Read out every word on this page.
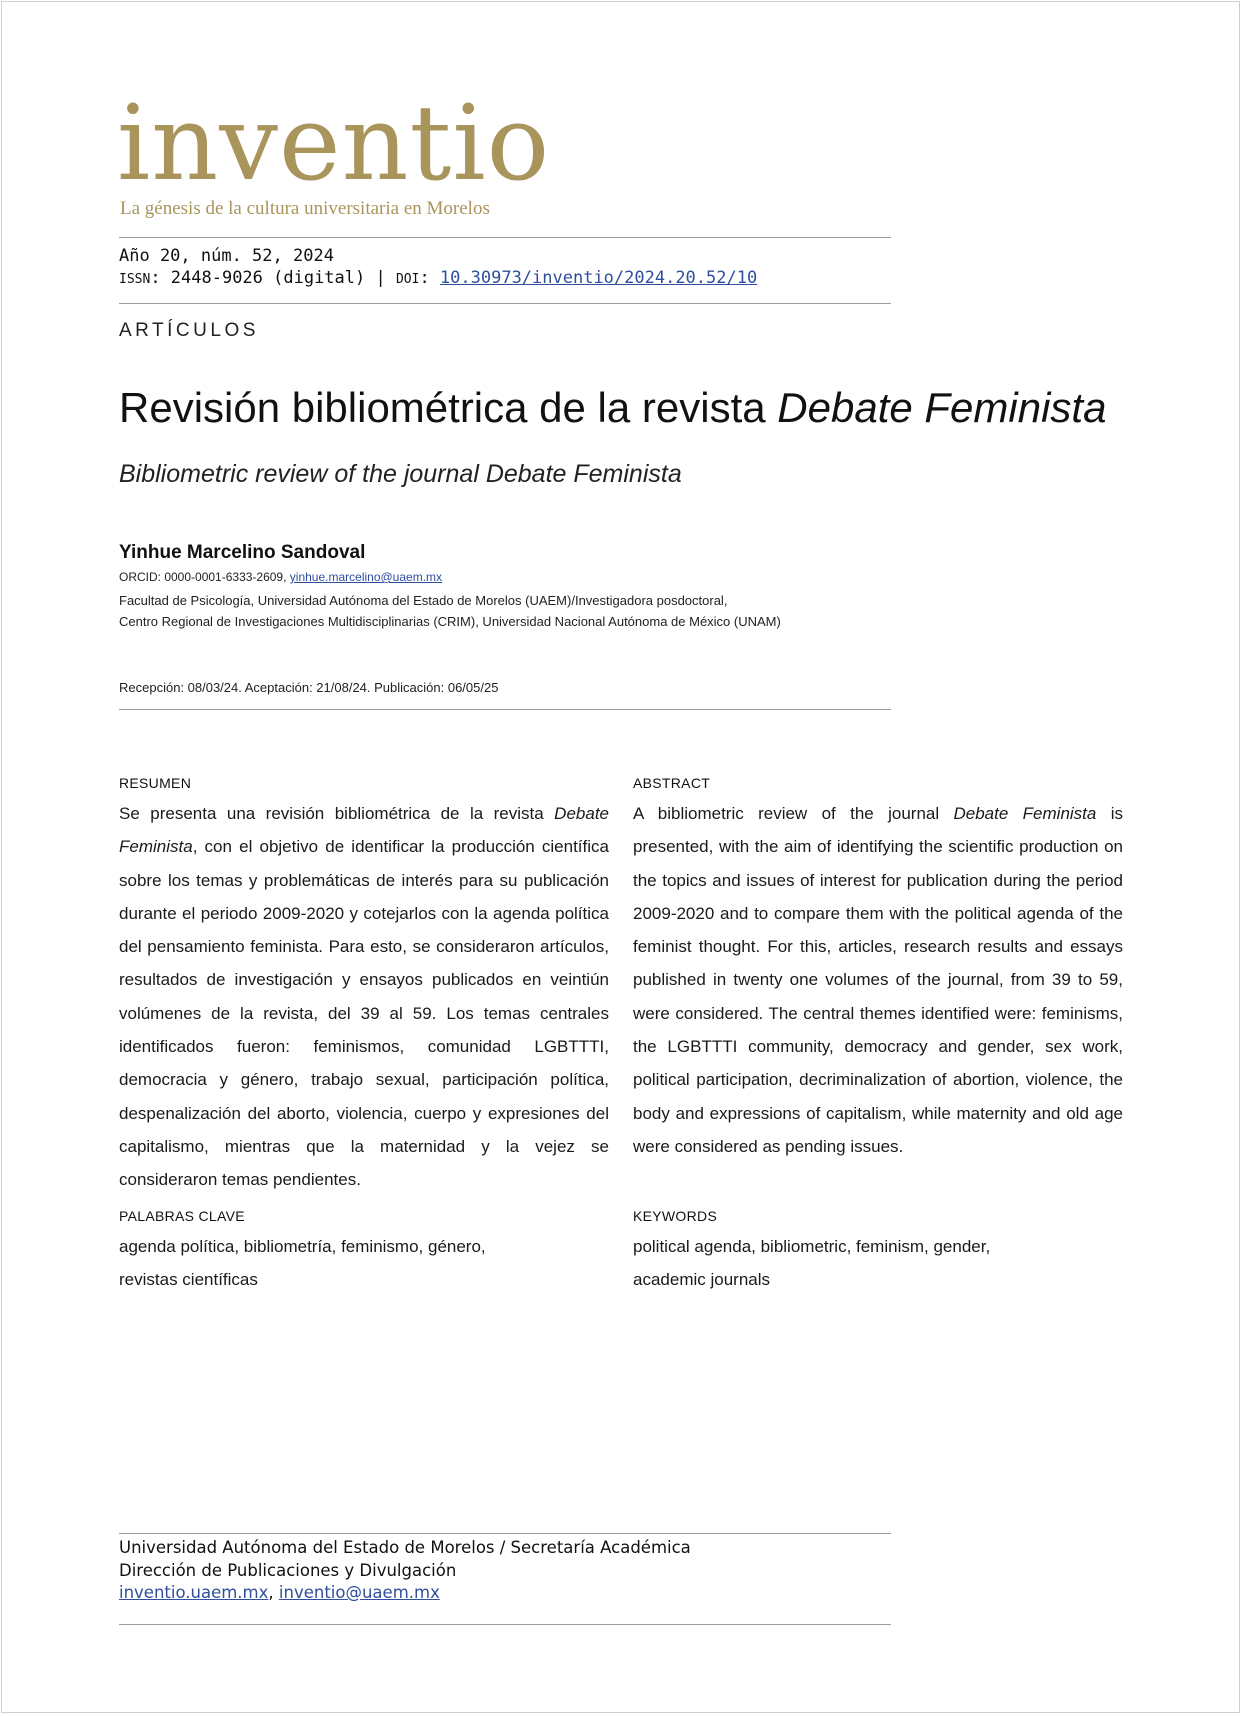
inventio
La génesis de la cultura universitaria en Morelos
Año 20, núm. 52, 2024
ISSN: 2448-9026 (digital) | DOI: 10.30973/inventio/2024.20.52/10
ARTÍCULOS
Revisión bibliométrica de la revista Debate Feminista
Bibliometric review of the journal Debate Feminista
Yinhue Marcelino Sandoval
ORCID: 0000-0001-6333-2609, yinhue.marcelino@uaem.mx
Facultad de Psicología, Universidad Autónoma del Estado de Morelos (UAEM)/Investigadora posdoctoral,
Centro Regional de Investigaciones Multidisciplinarias (CRIM), Universidad Nacional Autónoma de México (UNAM)
Recepción: 08/03/24. Aceptación: 21/08/24. Publicación: 06/05/25
RESUMEN
Se presenta una revisión bibliométrica de la revista Debate Feminista, con el objetivo de identificar la producción científica sobre los temas y problemáticas de interés para su publicación durante el periodo 2009-2020 y cotejarlos con la agenda política del pensamiento feminista. Para esto, se consideraron artículos, resultados de investigación y ensayos publicados en veintiún volúmenes de la revista, del 39 al 59. Los temas centrales identificados fueron: feminismos, comunidad LGBTTTI, democracia y género, trabajo sexual, participación política, despenalización del aborto, violencia, cuerpo y expresiones del capitalismo, mientras que la maternidad y la vejez se consideraron temas pendientes.
ABSTRACT
A bibliometric review of the journal Debate Feminista is presented, with the aim of identifying the scientific production on the topics and issues of interest for publication during the period 2009-2020 and to compare them with the political agenda of the feminist thought. For this, articles, research results and essays published in twenty one volumes of the journal, from 39 to 59, were considered. The central themes identified were: feminisms, the LGBTTTI community, democracy and gender, sex work, political participation, decriminalization of abortion, violence, the body and expressions of capitalism, while maternity and old age were considered as pending issues.
PALABRAS CLAVE
agenda política, bibliometría, feminismo, género,
revistas científicas
KEYWORDS
political agenda, bibliometric, feminism, gender,
academic journals
Universidad Autónoma del Estado de Morelos / Secretaría Académica
Dirección de Publicaciones y Divulgación
inventio.uaem.mx, inventio@uaem.mx
